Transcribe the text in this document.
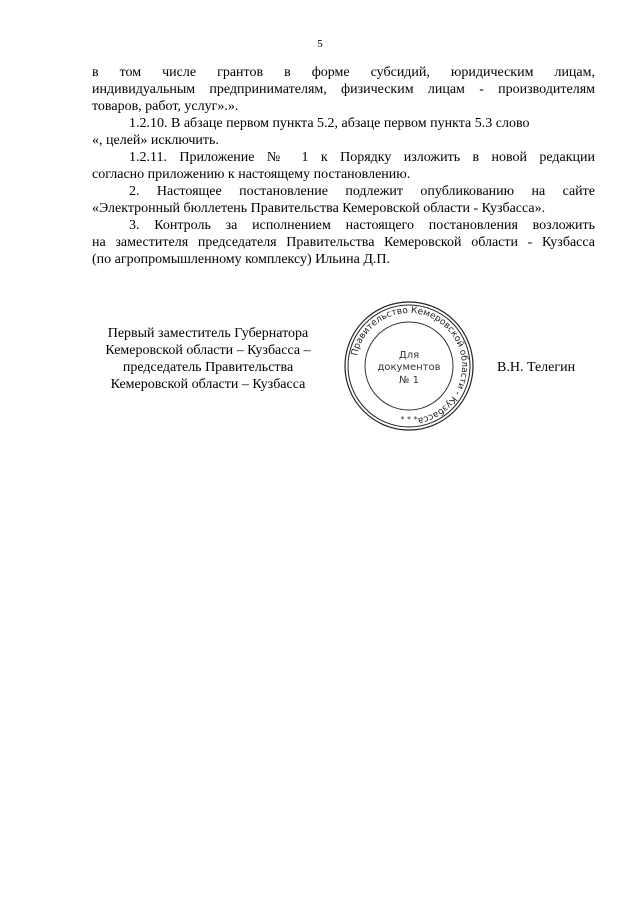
5
в том числе грантов в форме субсидий, юридическим лицам,
индивидуальным предпринимателям, физическим лицам - производителям
товаров, работ, услуг».».
1.2.10. В абзаце первом пункта 5.2, абзаце первом пункта 5.3 слово
«, целей» исключить.
1.2.11. Приложение № 1 к Порядку изложить в новой редакции
согласно приложению к настоящему постановлению.
2. Настоящее постановление подлежит опубликованию на сайте
«Электронный бюллетень Правительства Кемеровской области - Кузбасса».
3. Контроль за исполнением настоящего постановления возложить
на заместителя председателя Правительства Кемеровской области - Кузбасса
(по агропромышленному комплексу) Ильина Д.П.
Первый заместитель Губернатора
Кемеровской области – Кузбасса –
председатель Правительства
Кемеровской области – Кузбасса
Правительство Кемеровской области - Кузбасса
Для
документов
№ 1
* * *
В.Н. Телегин
